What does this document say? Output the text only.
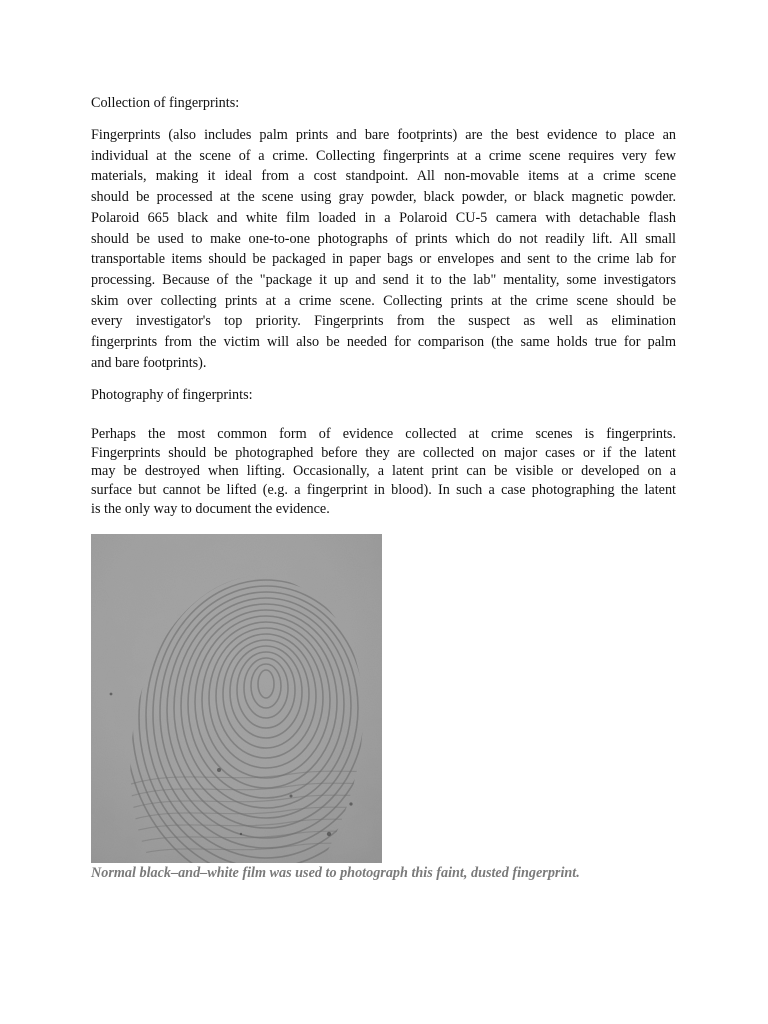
Collection of fingerprints:

Fingerprints (also includes palm prints and bare footprints) are the best evidence to place an
individual at the scene of a crime. Collecting fingerprints at a crime scene requires very few
materials, making it ideal from a cost standpoint. All non-movable items at a crime scene
should be processed at the scene using gray powder, black powder, or black magnetic powder.
Polaroid 665 black and white film loaded in a Polaroid CU-5 camera with detachable flash
should be used to make one-to-one photographs of prints which do not readily lift. All small
transportable items should be packaged in paper bags or envelopes and sent to the crime lab for
processing. Because of the "package it up and send it to the lab" mentality, some investigators
skim over collecting prints at a crime scene. Collecting prints at the crime scene should be
every investigator's top priority. Fingerprints from the suspect as well as elimination
fingerprints from the victim will also be needed for comparison (the same holds true for palm
and bare footprints).

Photography of fingerprints:

Perhaps the most common form of evidence collected at crime scenes is fingerprints.
Fingerprints should be photographed before they are collected on major cases or if the latent
may be destroyed when lifting. Occasionally, a latent print can be visible or developed on a
surface but cannot be lifted (e.g. a fingerprint in blood). In such a case photographing the latent
is the only way to document the evidence.
Normal black–and–white film was used to photograph this faint, dusted fingerprint.
